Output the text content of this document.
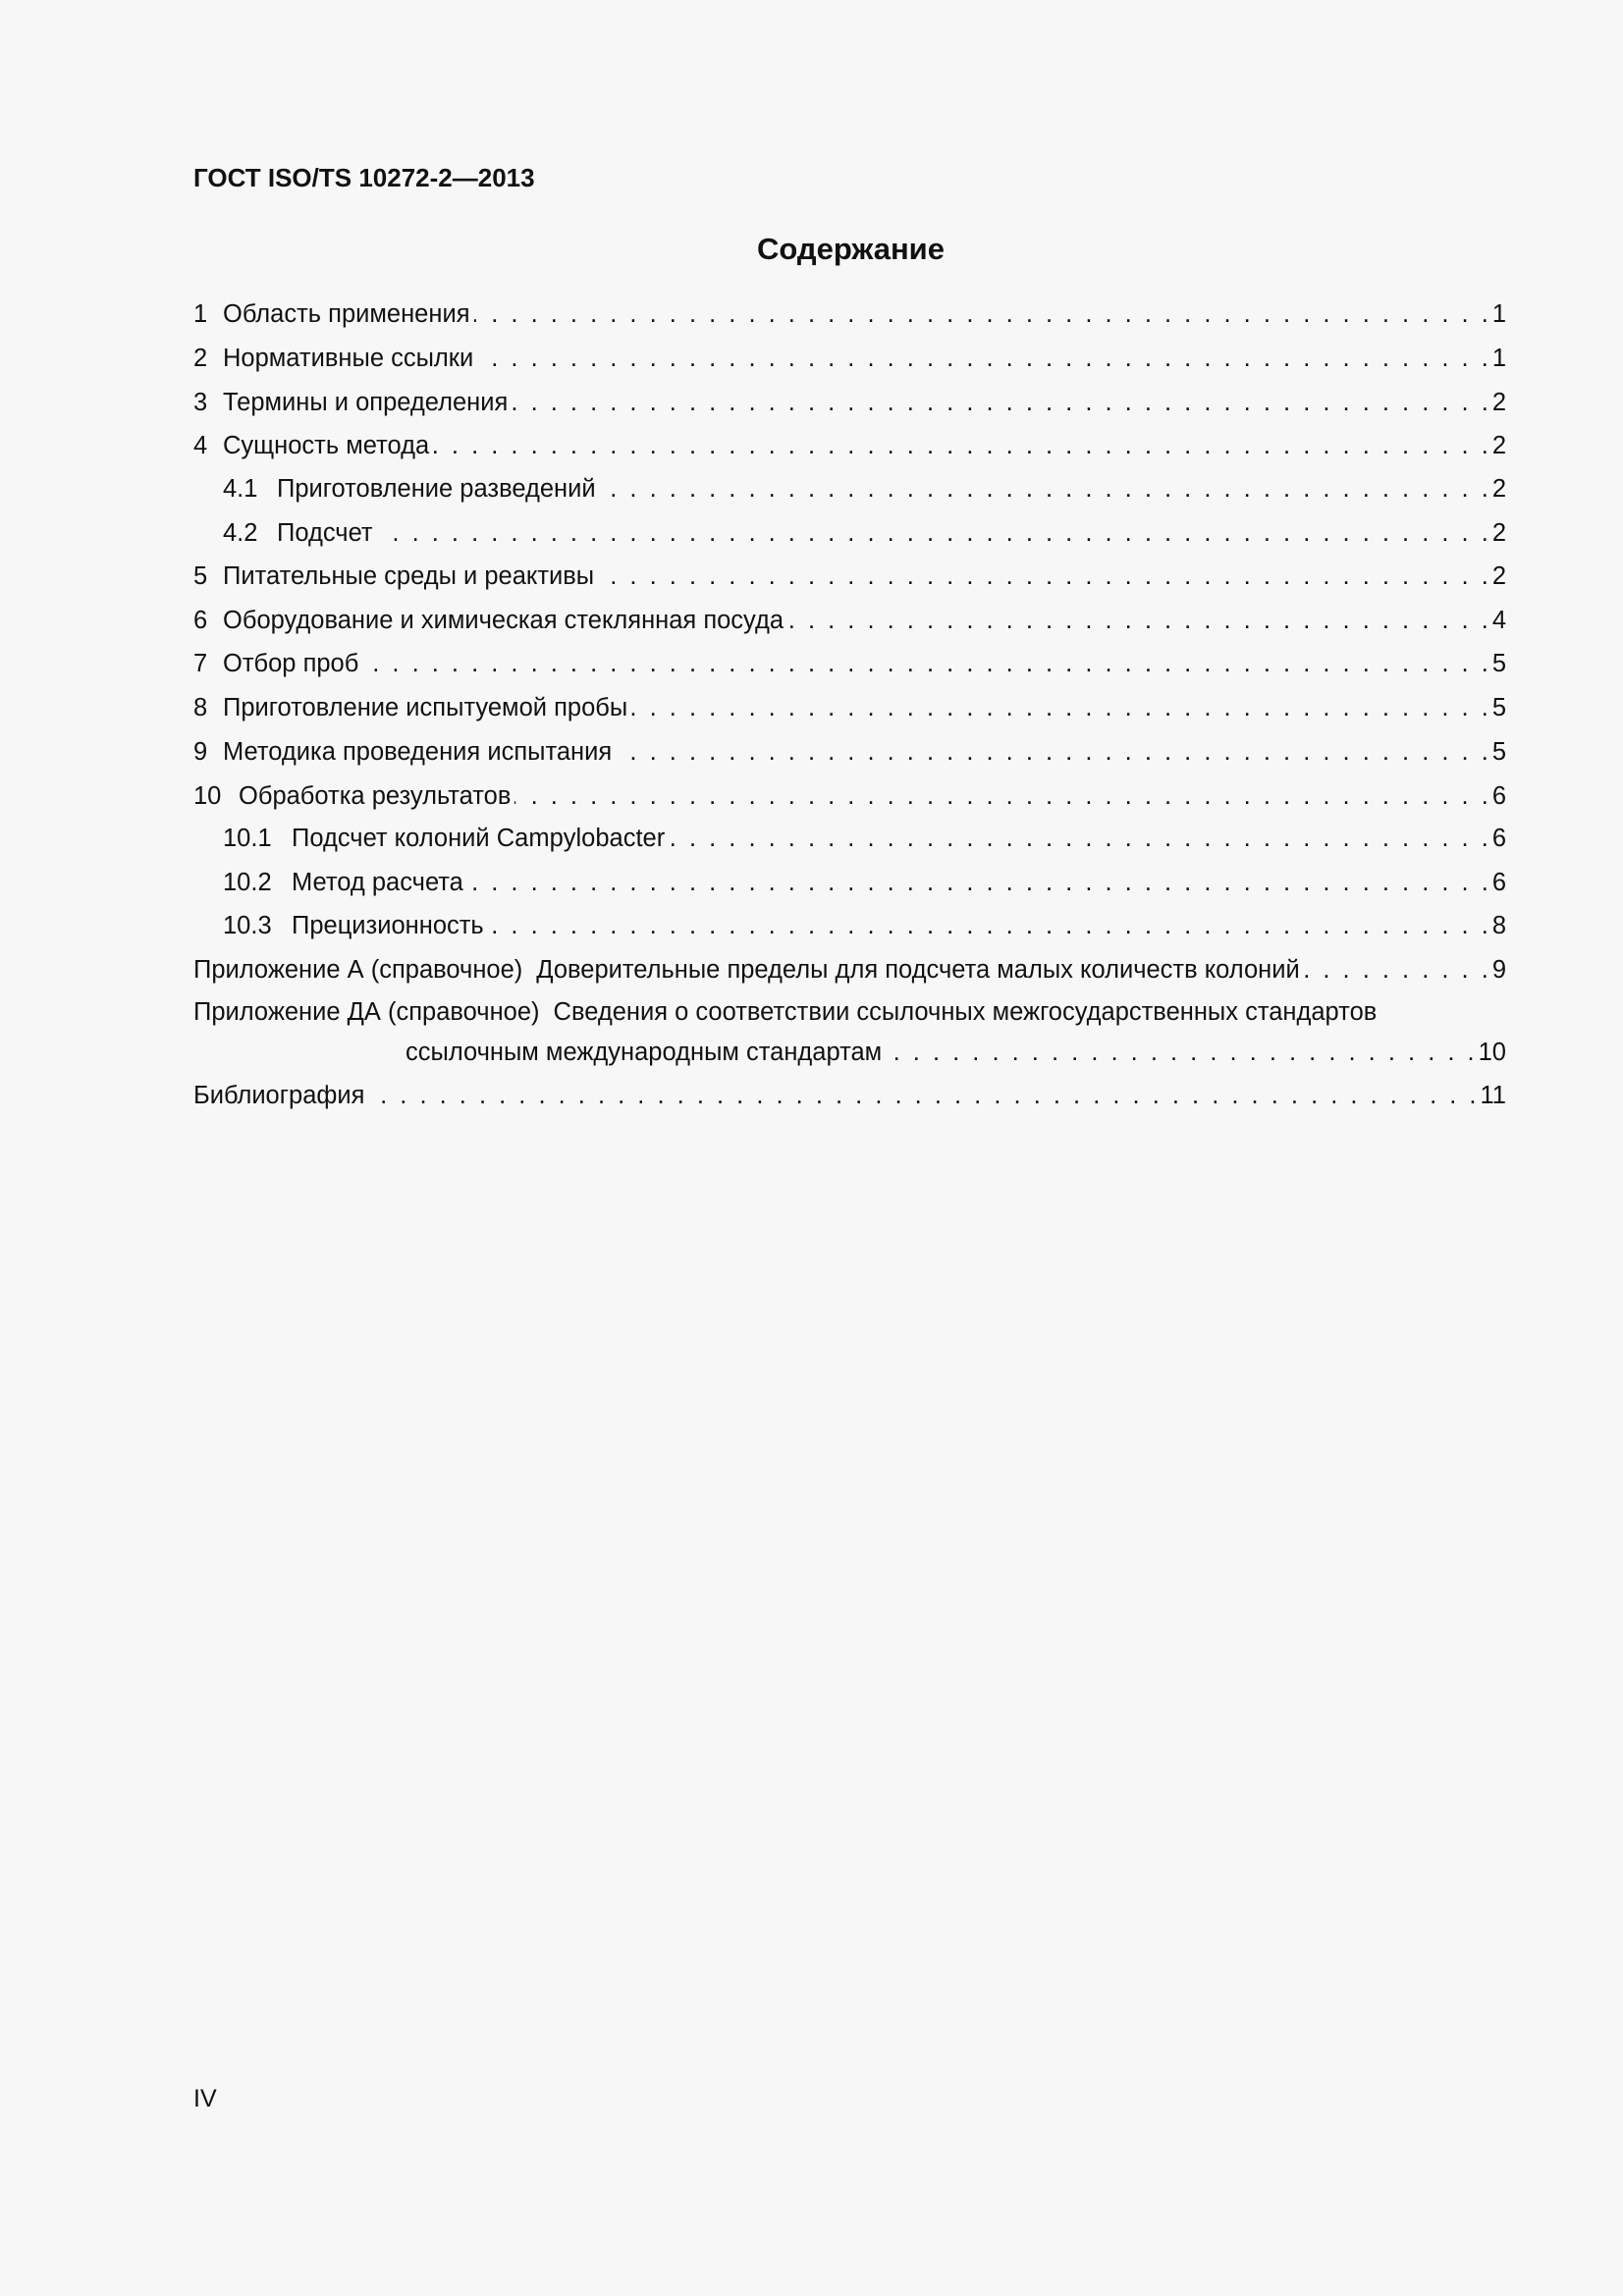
ГОСТ ISO/TS 10272-2—2013
Содержание
1 Область применения . . .	1
2 Нормативные ссылки . . .	1
3 Термины и определения . . .	2
4 Сущность метода . . .	2
4.1 Приготовление разведений . . .	2
4.2 Подсчет . . .	2
5 Питательные среды и реактивы . . .	2
6 Оборудование и химическая стеклянная посуда . . .	4
7 Отбор проб . . .	5
8 Приготовление испытуемой пробы . . .	5
9 Методика проведения испытания . . .	5
10 Обработка результатов . . .	6
10.1 Подсчет колоний Campylobacter . . .	6
10.2 Метод расчета . . .	6
10.3 Прецизионность . . .	8
Приложение А (справочное) Доверительные пределы для подсчета малых количеств колоний . . .	9
Приложение ДА (справочное) Сведения о соответствии ссылочных межгосударственных стандартов
ссылочным международным стандартам . . .	10
Библиография . . .	11
IV
